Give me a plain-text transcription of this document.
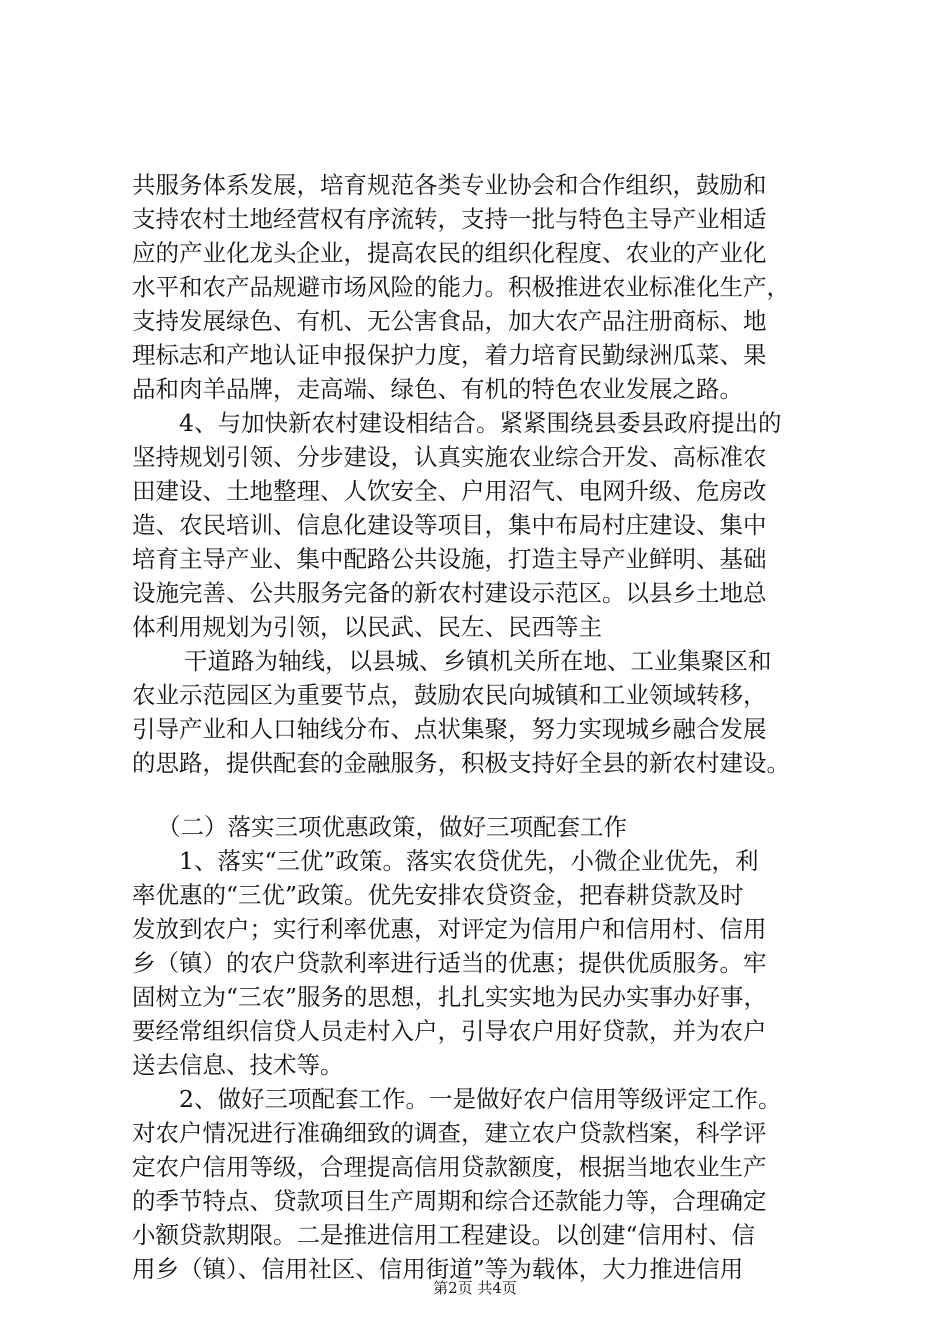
共服务体系发展，培育规范各类专业协会和合作组织，鼓励和
支持农村土地经营权有序流转，支持一批与特色主导产业相适
应的产业化龙头企业，提高农民的组织化程度、农业的产业化
水平和农产品规避市场风险的能力。积极推进农业标准化生产，
支持发展绿色、有机、无公害食品，加大农产品注册商标、地
理标志和产地认证申报保护力度，着力培育民勤绿洲瓜菜、果
品和肉羊品牌，走高端、绿色、有机的特色农业发展之路。
4、与加快新农村建设相结合。紧紧围绕县委县政府提出的
坚持规划引领、分步建设，认真实施农业综合开发、高标准农
田建设、土地整理、人饮安全、户用沼气、电网升级、危房改
造、农民培训、信息化建设等项目，集中布局村庄建设、集中
培育主导产业、集中配路公共设施，打造主导产业鲜明、基础
设施完善、公共服务完备的新农村建设示范区。以县乡土地总
体利用规划为引领，以民武、民左、民西等主
干道路为轴线，以县城、乡镇机关所在地、工业集聚区和
农业示范园区为重要节点，鼓励农民向城镇和工业领域转移，
引导产业和人口轴线分布、点状集聚，努力实现城乡融合发展
的思路，提供配套的金融服务，积极支持好全县的新农村建设。
（二）落实三项优惠政策，做好三项配套工作
1、落实“三优”政策。落实农贷优先，小微企业优先，利
率优惠的“三优”政策。优先安排农贷资金，把春耕贷款及时
发放到农户；实行利率优惠，对评定为信用户和信用村、信用
乡（镇）的农户贷款利率进行适当的优惠；提供优质服务。牢
固树立为“三农”服务的思想，扎扎实实地为民办实事办好事，
要经常组织信贷人员走村入户，引导农户用好贷款，并为农户
送去信息、技术等。
2、做好三项配套工作。一是做好农户信用等级评定工作。
对农户情况进行准确细致的调查，建立农户贷款档案，科学评
定农户信用等级，合理提高信用贷款额度，根据当地农业生产
的季节特点、贷款项目生产周期和综合还款能力等，合理确定
小额贷款期限。二是推进信用工程建设。以创建“信用村、信
用乡（镇）、信用社区、信用街道”等为载体，大力推进信用
第2页 共4页
